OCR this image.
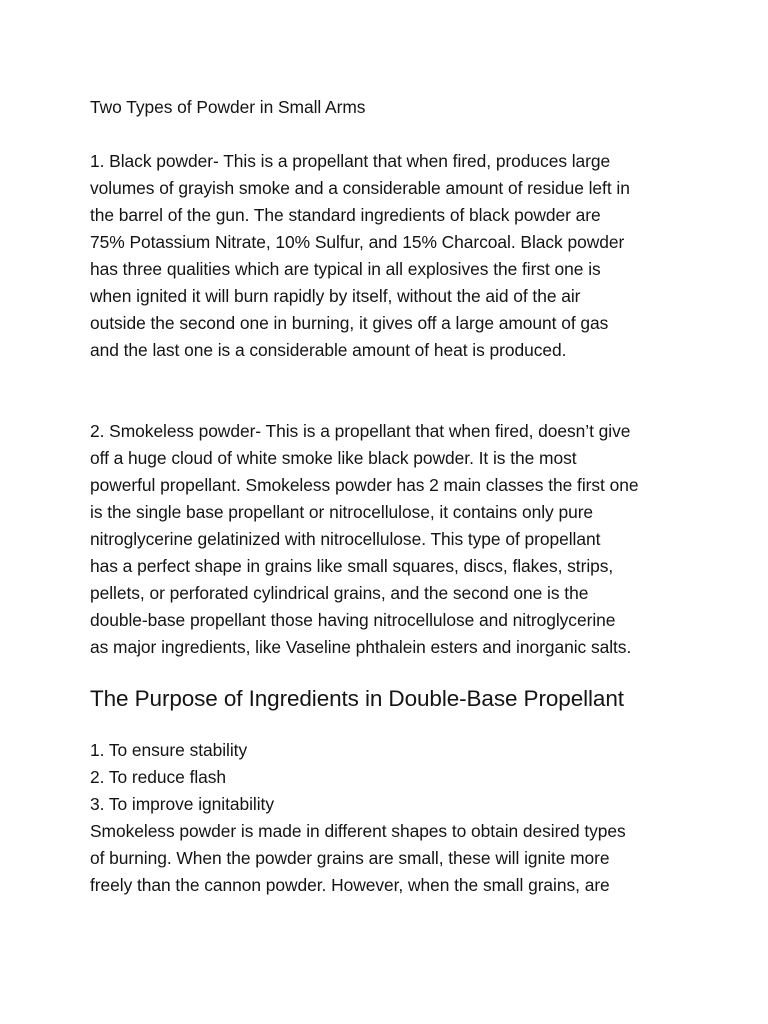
Two Types of Powder in Small Arms
1. Black powder- This is a propellant that when fired, produces large
volumes of grayish smoke and a considerable amount of residue left in
the barrel of the gun. The standard ingredients of black powder are
75% Potassium Nitrate, 10% Sulfur, and 15% Charcoal. Black powder
has three qualities which are typical in all explosives the first one is
when ignited it will burn rapidly by itself, without the aid of the air
outside the second one in burning, it gives off a large amount of gas
and the last one is a considerable amount of heat is produced.
2. Smokeless powder- This is a propellant that when fired, doesn’t give
off a huge cloud of white smoke like black powder. It is the most
powerful propellant. Smokeless powder has 2 main classes the first one
is the single base propellant or nitrocellulose, it contains only pure
nitroglycerine gelatinized with nitrocellulose. This type of propellant
has a perfect shape in grains like small squares, discs, flakes, strips,
pellets, or perforated cylindrical grains, and the second one is the
double-base propellant those having nitrocellulose and nitroglycerine
as major ingredients, like Vaseline phthalein esters and inorganic salts.
The Purpose of Ingredients in Double-Base Propellant
1. To ensure stability
2. To reduce flash
3. To improve ignitability
Smokeless powder is made in different shapes to obtain desired types
of burning. When the powder grains are small, these will ignite more
freely than the cannon powder. However, when the small grains, are
